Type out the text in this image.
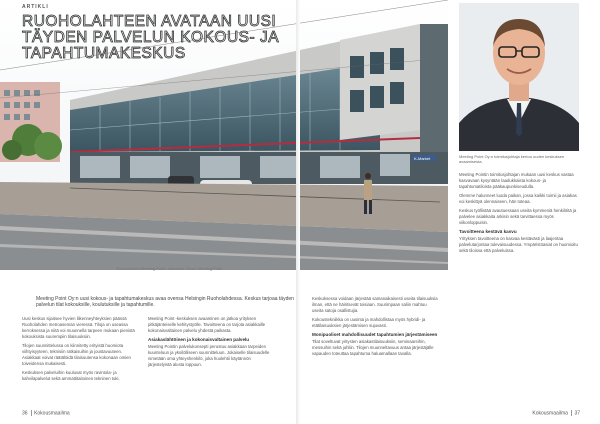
K-Market
ARTIKLI
RUOHOLAHTEEN AVATAAN UUSI TÄYDEN PALVELUN KOKOUS- JA TAPAHTUMAKESKUS
Ruoholahden Meeting Point -rakennus. Kuva: Meeting Point.
Meeting Point Oy:n toimitusjohtaja kertoo uuden keskuksen avaamisesta.
Meeting Point Oy:n uusi kokous- ja tapahtumakeskus avaa ovensa Helsingin Ruoholahdessa. Keskus tarjoaa täyden palvelun tilat kokouksille, koulutuksille ja tapahtumille.

Uusi keskus sijaitsee hyvien liikenneyhteyksien päässä Ruoholahden metroaseman vieressä. Tiloja on useassa kerroksessa ja niitä voi muunnella tarpeen mukaan pienistä kokouksista suurempiin tilaisuuksiin.

Tilojen suunnittelussa on kiinnitetty erityistä huomiota viihtyisyyteen, teknisiin ratkaisuihin ja joustavuuteen. Asiakkaat voivat räätälöidä tilaisuutensa kokonaan omien toiveidensa mukaisesti.

Keskuksen palveluihin kuuluvat myös ravintola- ja kahvilapalvelut sekä ammattitaitoinen tekninen tuki.

Meeting Point -keskuksen avaaminen on jatkoa yrityksen pitkäjänteiselle kehitystyölle. Tavoitteena on tarjota asiakkaille kokonaisvaltainen palvelu yhdestä paikasta.

Asiakaslähtöinen ja kokonaisvaltainen palvelu

Meeting Pointin palvelukonsepti perustuu asiakkaan tarpeiden kuunteluun ja yksilölliseen suunnitteluun. Jokaiselle tilaisuudelle nimetään oma yhteyshenkilö, joka huolehtii käytännön järjestelyistä alusta loppuun.

Keskuksessa voidaan järjestää samanaikaisesti useita tilaisuuksia ilman, että ne häiritsevät toisiaan. Suurimpaan saliin mahtuu useita satoja osallistujia.

Kokoustekniikka on uusinta ja mahdollistaa myös hybridi- ja etätilaisuuksien järjestämisen sujuvasti.

Monipuoliset mahdollisuudet tapahtumien järjestämiseen

Tilat soveltuvat yritysten asiakastilaisuuksiin, seminaareihin, messuihin sekä juhliin. Tilojen muunneltavuus antaa järjestäjälle vapauden toteuttaa tapahtuma haluamallaan tavalla.

Meeting Pointin toimitusjohtajan mukaan uusi keskus vastaa kasvavaan kysyntään laadukkaista kokous- ja tapahtumatiloista pääkaupunkiseudulla.

Olemme halunneet luoda paikan, jossa kaikki toimii ja asiakas voi keskittyä olennaiseen, hän toteaa.

Keskus työllistää avautuessaan useita kymmeniä henkilöitä ja palvelee asiakkaita arkisin sekä tarvittaessa myös viikonloppuisin.

Tavoitteena kestävä kasvu

Yrityksen tavoitteena on kasvaa kestävästi ja laajentaa palvelutarjontaa tulevaisuudessa. Ympäristöasiat on huomioitu sekä tiloissa että palveluissa.

36 Kokousmaailma	Kokousmaailma 37
